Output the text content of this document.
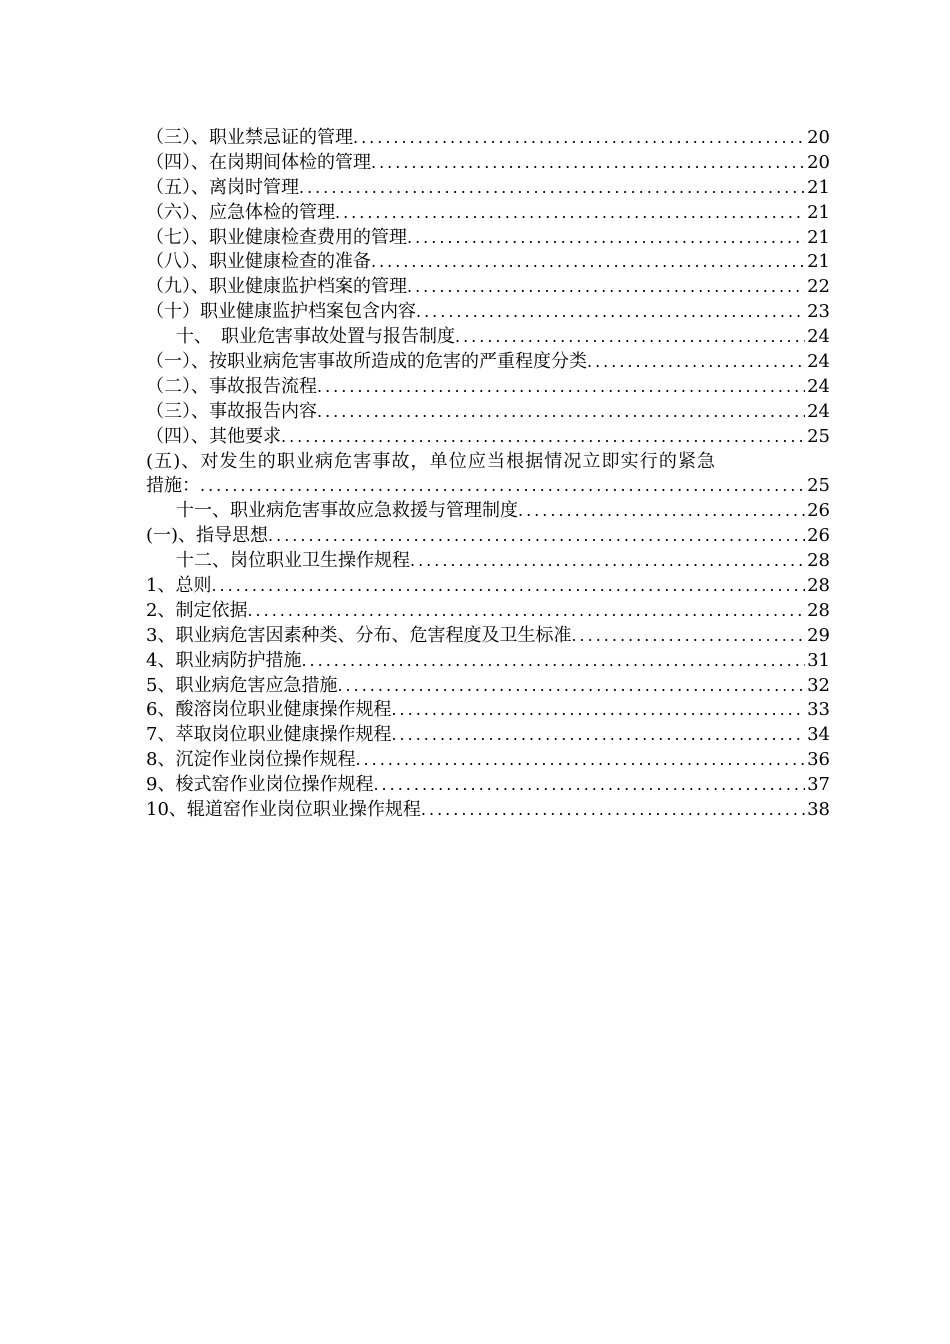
（三）、职业禁忌证的管理 .....	20
（四）、在岗期间体检的管理 .....	20
（五）、离岗时管理 .....	21
（六）、应急体检的管理 .....	21
（七）、职业健康检查费用的管理 .....	21
（八）、职业健康检查的准备 .....	21
（九）、职业健康监护档案的管理 .....	22
（十）职业健康监护档案包含内容 .....	23
十、　职业危害事故处置与报告制度 .....	24
（一）、按职业病危害事故所造成的危害的严重程度分类 .....	24
（二）、事故报告流程 .....	24
（三）、事故报告内容 .....	24
（四）、其他要求 .....	25
(五)、对发生的职业病危害事故，单位应当根据情况立即实行的紧急
措施： .....	25
十一、职业病危害事故应急救援与管理制度 .....	26
(一)、指导思想 .....	26
十二、岗位职业卫生操作规程 .....	28
1、总则 .....	28
2、制定依据 .....	28
3、职业病危害因素种类、分布、危害程度及卫生标准 .....	29
4、职业病防护措施 .....	31
5、职业病危害应急措施 .....	32
6、酸溶岗位职业健康操作规程 .....	33
7、萃取岗位职业健康操作规程 .....	34
8、沉淀作业岗位操作规程 .....	36
9、梭式窑作业岗位操作规程 .....	37
10、辊道窑作业岗位职业操作规程 .....	38
